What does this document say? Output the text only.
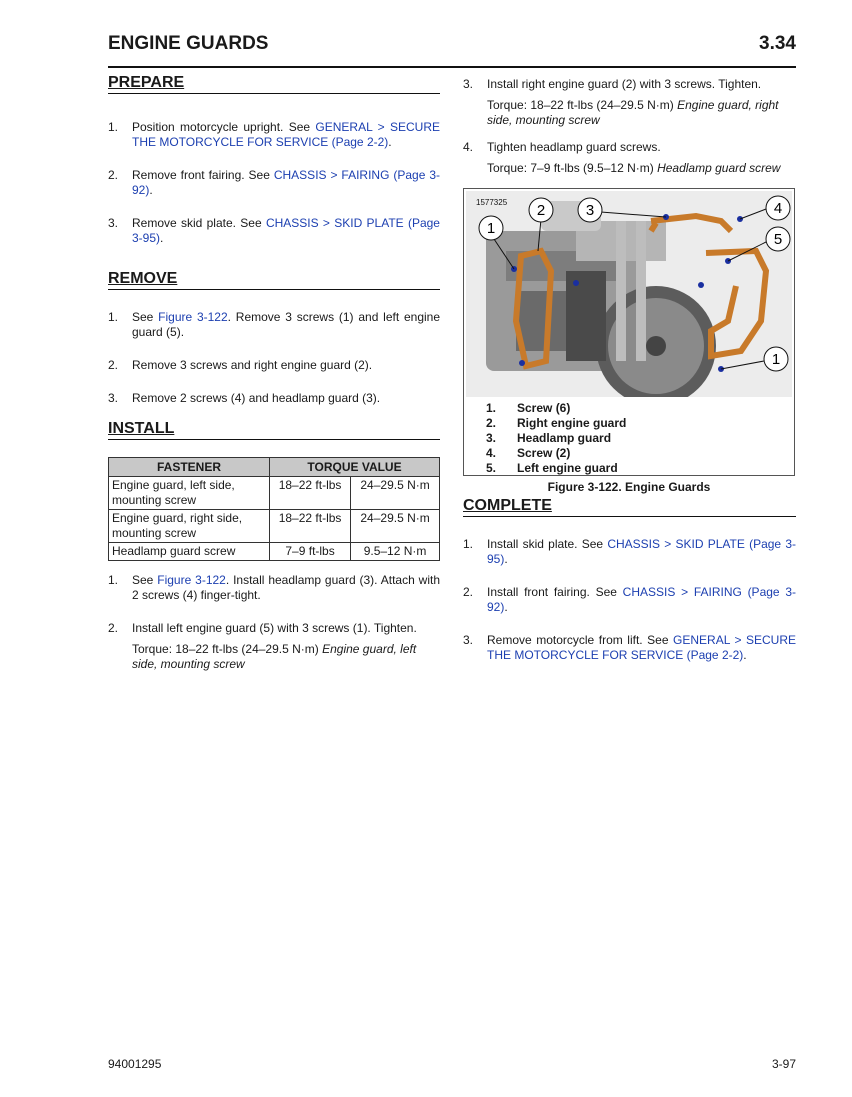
ENGINE GUARDS	3.34
PREPARE
1. Position motorcycle upright. See GENERAL > SECURE THE MOTORCYCLE FOR SERVICE (Page 2-2).
2. Remove front fairing. See CHASSIS > FAIRING (Page 3-92).
3. Remove skid plate. See CHASSIS > SKID PLATE (Page 3-95).
REMOVE
1. See Figure 3-122. Remove 3 screws (1) and left engine guard (5).
2. Remove 3 screws and right engine guard (2).
3. Remove 2 screws (4) and headlamp guard (3).
INSTALL
FASTENER	TORQUE VALUE	
Engine guard, left side, mounting screw	18–22 ft-lbs	24–29.5 N·m
Engine guard, right side, mounting screw	18–22 ft-lbs	24–29.5 N·m
Headlamp guard screw	7–9 ft-lbs	9.5–12 N·m
1. See Figure 3-122. Install headlamp guard (3). Attach with 2 screws (4) finger-tight.
2. Install left engine guard (5) with 3 screws (1). Tighten.
Torque: 18–22 ft-lbs (24–29.5 N·m) Engine guard, left side, mounting screw
3. Install right engine guard (2) with 3 screws. Tighten.
Torque: 18–22 ft-lbs (24–29.5 N·m) Engine guard, right side, mounting screw
4. Tighten headlamp guard screws.
Torque: 7–9 ft-lbs (9.5–12 N·m) Headlamp guard screw
1
2	3	4
5
1
1577325
1.	Screw (6)
2.	Right engine guard
3.	Headlamp guard
4.	Screw (2)
5.	Left engine guard
Figure 3-122. Engine Guards
COMPLETE
1. Install skid plate. See CHASSIS > SKID PLATE (Page 3-95).
2. Install front fairing. See CHASSIS > FAIRING (Page 3-92).
3. Remove motorcycle from lift. See GENERAL > SECURE THE MOTORCYCLE FOR SERVICE (Page 2-2).
94001295	3-97
